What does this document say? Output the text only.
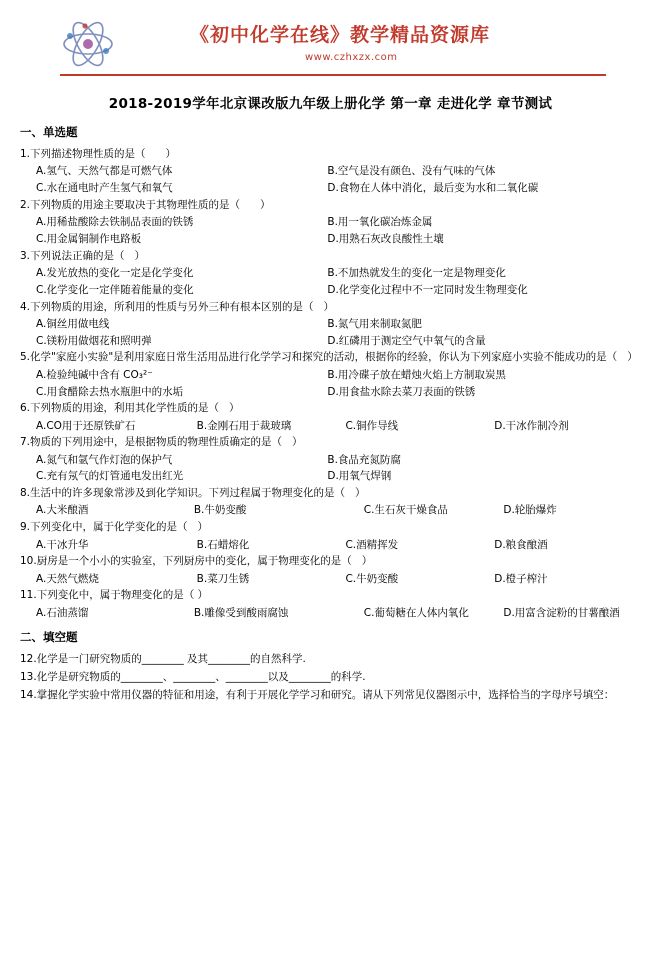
《初中化学在线》教学精品资源库
www.czhxzx.com
2018-2019学年北京课改版九年级上册化学 第一章 走进化学 章节测试
一、单选题

1.下列描述物理性质的是（      ）

A.氢气、天然气都是可燃气体	B.空气是没有颜色、没有气味的气体
C.水在通电时产生氢气和氧气	D.食物在人体中消化，最后变为水和二氧化碳

2.下列物质的用途主要取决于其物理性质的是（      ）

A.用稀盐酸除去铁制品表面的铁锈	B.用一氧化碳冶炼金属
C.用金属铜制作电路板	D.用熟石灰改良酸性土壤

3.下列说法正确的是（   ）

A.发光放热的变化一定是化学变化	B.不加热就发生的变化一定是物理变化
C.化学变化一定伴随着能量的变化	D.化学变化过程中不一定同时发生物理变化

4.下列物质的用途，所利用的性质与另外三种有根本区别的是（   ）

A.铜丝用做电线	B.氮气用来制取氮肥
C.镁粉用做烟花和照明弹	D.红磷用于测定空气中氧气的含量

5.化学"家庭小实验"是利用家庭日常生活用品进行化学学习和探究的活动，根据你的经验，你认为下列家庭小实验不能成功的是（   ）

A.检验纯碱中含有 CO₃²⁻	B.用冷碟子放在蜡烛火焰上方制取炭黑
C.用食醋除去热水瓶胆中的水垢	D.用食盐水除去菜刀表面的铁锈

6.下列物质的用途，利用其化学性质的是（   ）

A.CO用于还原铁矿石	B.金刚石用于裁玻璃	C.铜作导线	D.干冰作制冷剂

7.物质的下列用途中，是根据物质的物理性质确定的是（   ）

A.氮气和氩气作灯泡的保护气	B.食品充氮防腐
C.充有氖气的灯管通电发出红光	D.用氧气焊钢

8.生活中的许多现象常涉及到化学知识。下列过程属于物理变化的是（   ）

A.大米酿酒	B.牛奶变酸	C.生石灰干燥食品	D.轮胎爆炸

9.下列变化中，属于化学变化的是（   ）

A.干冰升华	B.石蜡熔化	C.酒精挥发	D.粮食酿酒

10.厨房是一个小小的实验室，下列厨房中的变化，属于物理变化的是（   ）

A.天然气燃烧	B.菜刀生锈	C.牛奶变酸	D.橙子榨汁

11.下列变化中，属于物理变化的是（ ）

A.石油蒸馏	B.雕像受到酸雨腐蚀	C.葡萄糖在人体内氧化	D.用富含淀粉的甘薯酿酒
二、填空题

12.化学是一门研究物质的________ 及其________的自然科学.

13.化学是研究物质的________、________、________以及________的科学.

14.掌握化学实验中常用仪器的特征和用途，有利于开展化学学习和研究。请从下列常见仪器图示中，选择恰当的字母序号填空：
